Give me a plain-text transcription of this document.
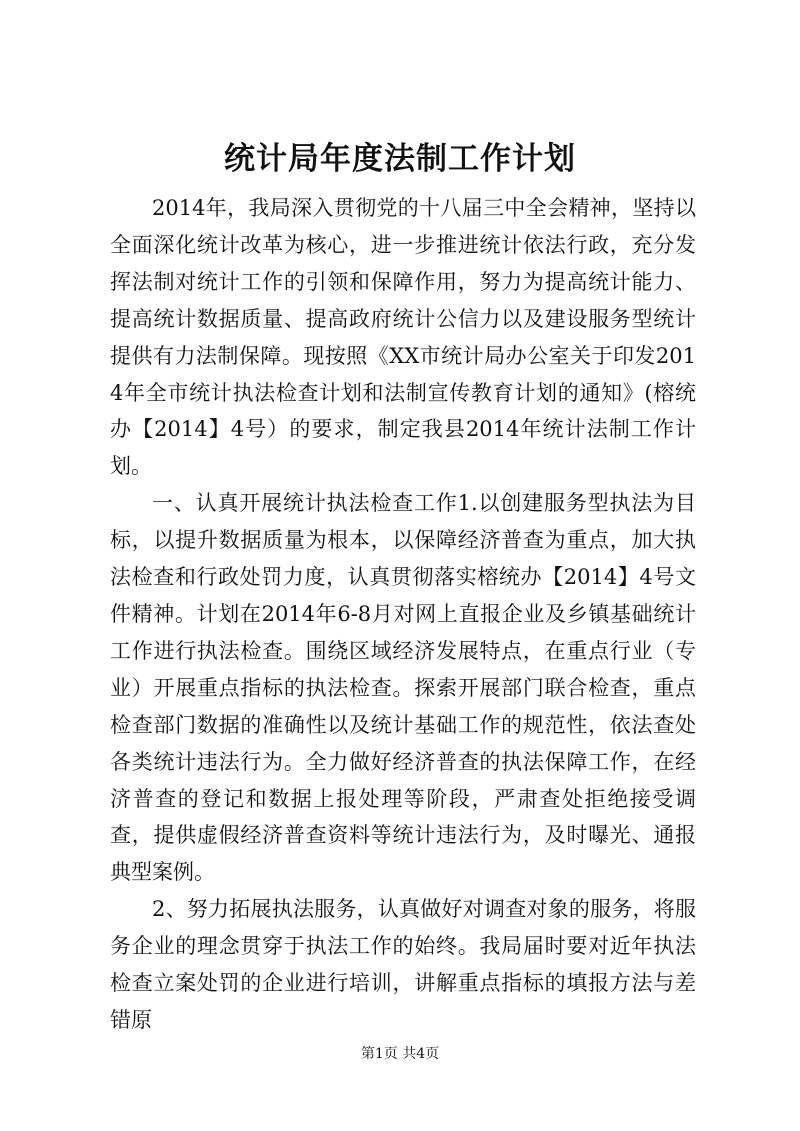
统计局年度法制工作计划

2014年，我局深入贯彻党的十八届三中全会精神，坚持以全面深化统计改革为核心，进一步推进统计依法行政，充分发挥法制对统计工作的引领和保障作用，努力为提高统计能力、提高统计数据质量、提高政府统计公信力以及建设服务型统计提供有力法制保障。现按照《XX市统计局办公室关于印发2014年全市统计执法检查计划和法制宣传教育计划的通知》(榕统办【2014】4号）的要求，制定我县2014年统计法制工作计划。

一、认真开展统计执法检查工作1.以创建服务型执法为目标，以提升数据质量为根本，以保障经济普查为重点，加大执法检查和行政处罚力度，认真贯彻落实榕统办【2014】4号文件精神。计划在2014年6-8月对网上直报企业及乡镇基础统计工作进行执法检查。围绕区域经济发展特点，在重点行业（专业）开展重点指标的执法检查。探索开展部门联合检查，重点检查部门数据的准确性以及统计基础工作的规范性，依法查处各类统计违法行为。全力做好经济普查的执法保障工作，在经济普查的登记和数据上报处理等阶段，严肃查处拒绝接受调查，提供虚假经济普查资料等统计违法行为，及时曝光、通报典型案例。

2、努力拓展执法服务，认真做好对调查对象的服务，将服务企业的理念贯穿于执法工作的始终。我局届时要对近年执法检查立案处罚的企业进行培训，讲解重点指标的填报方法与差错原

第1页 共4页
